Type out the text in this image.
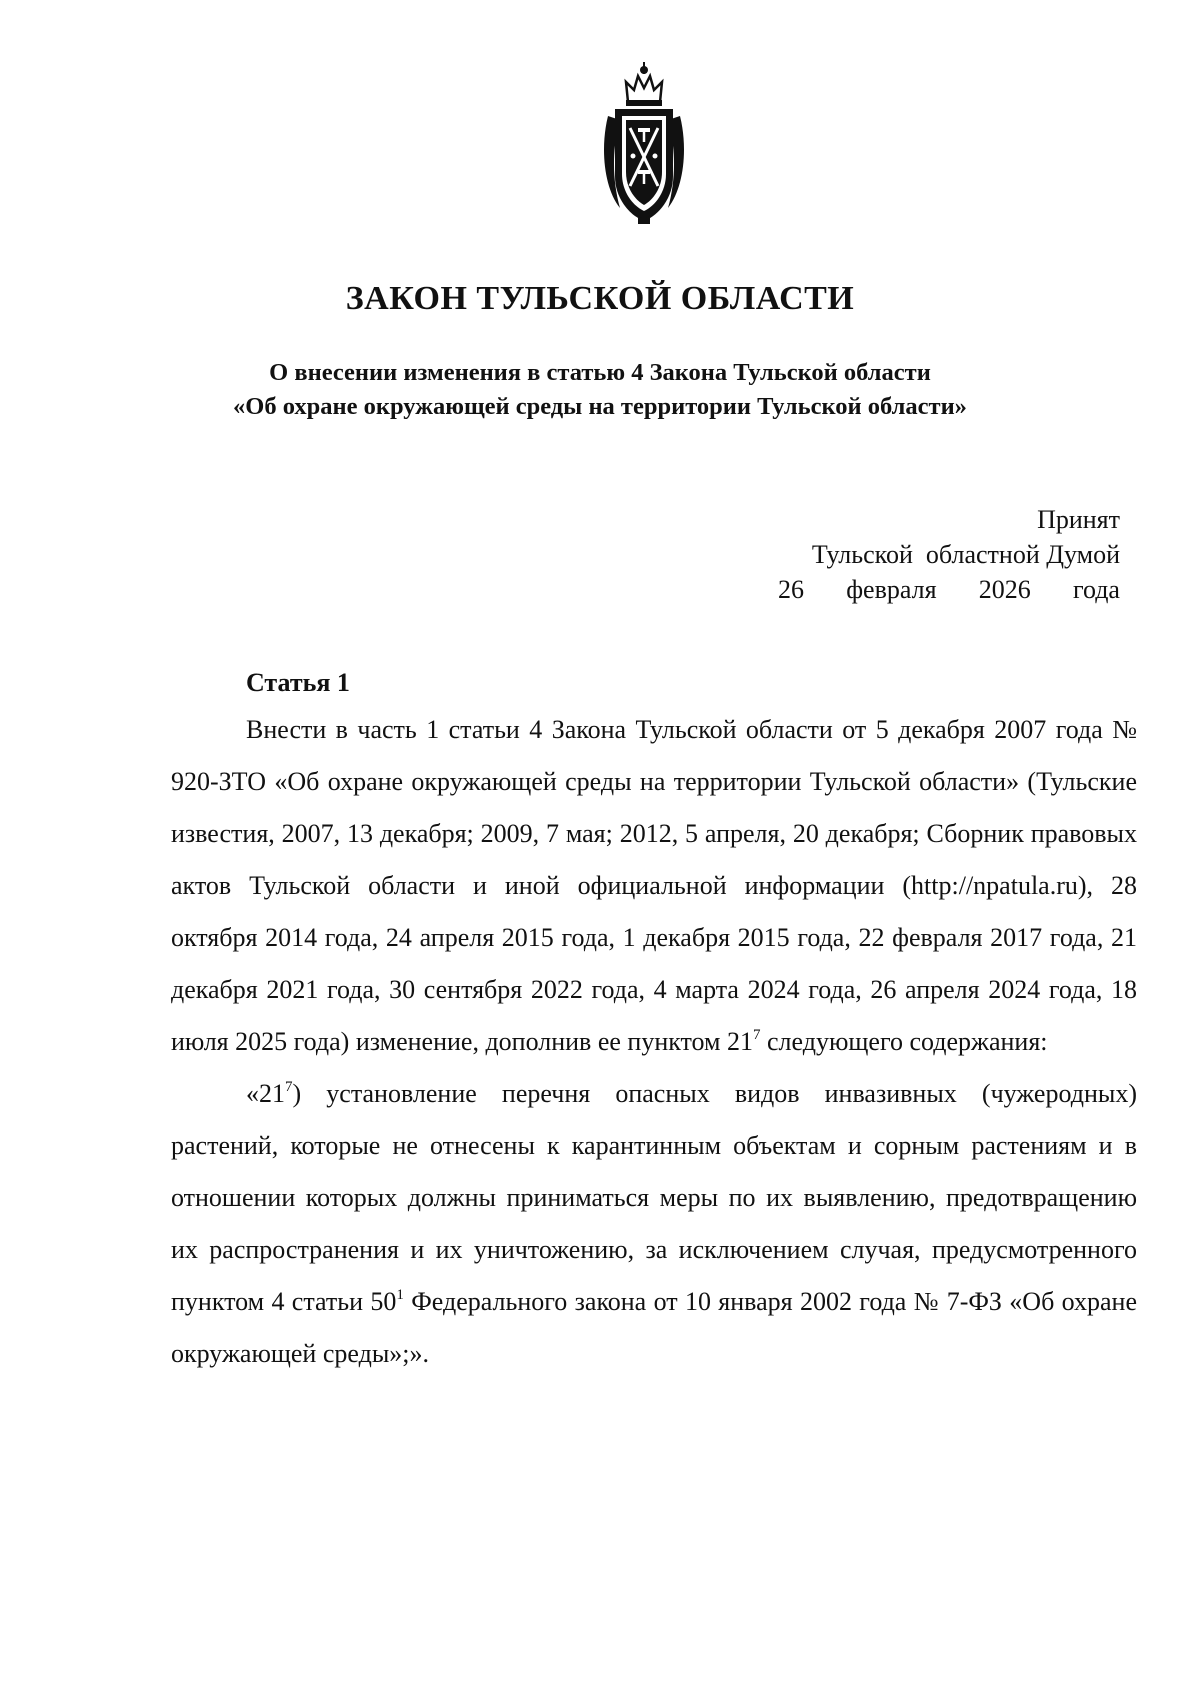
ЗАКОН ТУЛЬСКОЙ ОБЛАСТИ
О внесении изменения в статью 4 Закона Тульской области
«Об охране окружающей среды на территории Тульской области»
Принят
Тульской  областной Думой
26 февраля 2026 года
Статья 1

Внести в часть 1 статьи 4 Закона Тульской области от 5 декабря 2007 года № 920-ЗТО «Об охране окружающей среды на территории Тульской области» (Тульские известия, 2007, 13 декабря; 2009, 7 мая; 2012, 5 апреля, 20 декабря; Сборник правовых актов Тульской области и иной официальной информации (http://npatula.ru), 28 октября 2014 года, 24 апреля 2015 года, 1 декабря 2015 года, 22 февраля 2017 года, 21 декабря 2021 года, 30 сентября 2022 года, 4 марта 2024 года, 26 апреля 2024 года, 18 июля 2025 года) изменение, дополнив ее пунктом $21^7$ следующего содержания:

«$21^7$) установление перечня опасных видов инвазивных (чужеродных) растений, которые не отнесены к карантинным объектам и сорным растениям и в отношении которых должны приниматься меры по их выявлению, предотвращению их распространения и их уничтожению, за исключением случая, предусмотренного пунктом 4 статьи $50^1$ Федерального закона от 10 января 2002 года № 7-ФЗ «Об охране окружающей среды»;».
